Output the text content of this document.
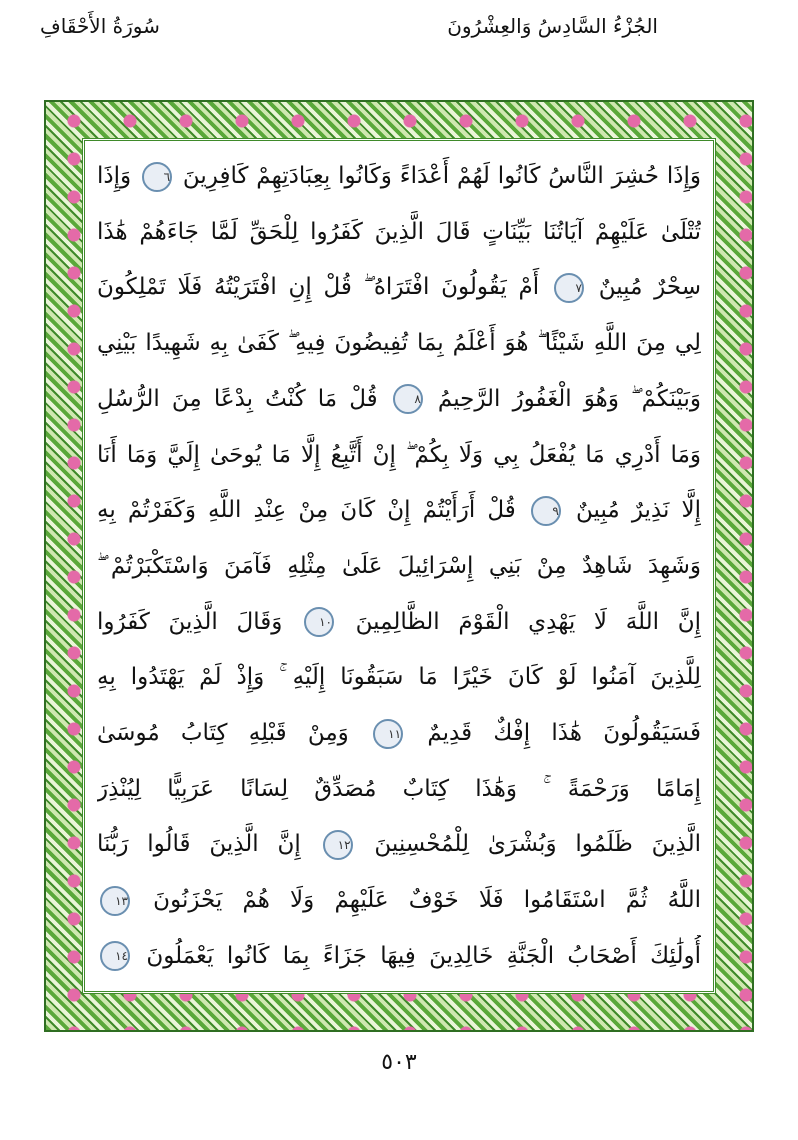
سُورَةُ الأَحْقَافِ	الجُزْءُ السَّادِسُ وَالعِشْرُونَ
وَإِذَا حُشِرَ النَّاسُ كَانُوا لَهُمْ أَعْدَاءً وَكَانُوا بِعِبَادَتِهِمْ كَافِرِينَ ٦ وَإِذَا
تُتْلَىٰ عَلَيْهِمْ آيَاتُنَا بَيِّنَاتٍ قَالَ الَّذِينَ كَفَرُوا لِلْحَقِّ لَمَّا جَاءَهُمْ هَٰذَا
سِحْرٌ مُبِينٌ ٧ أَمْ يَقُولُونَ افْتَرَاهُ ۖ قُلْ إِنِ افْتَرَيْتُهُ فَلَا تَمْلِكُونَ
لِي مِنَ اللَّهِ شَيْئًا ۖ هُوَ أَعْلَمُ بِمَا تُفِيضُونَ فِيهِ ۖ كَفَىٰ بِهِ شَهِيدًا بَيْنِي
وَبَيْنَكُمْ ۖ وَهُوَ الْغَفُورُ الرَّحِيمُ ٨ قُلْ مَا كُنْتُ بِدْعًا مِنَ الرُّسُلِ
وَمَا أَدْرِي مَا يُفْعَلُ بِي وَلَا بِكُمْ ۖ إِنْ أَتَّبِعُ إِلَّا مَا يُوحَىٰ إِلَيَّ وَمَا أَنَا
إِلَّا نَذِيرٌ مُبِينٌ ٩ قُلْ أَرَأَيْتُمْ إِنْ كَانَ مِنْ عِنْدِ اللَّهِ وَكَفَرْتُمْ بِهِ
وَشَهِدَ شَاهِدٌ مِنْ بَنِي إِسْرَائِيلَ عَلَىٰ مِثْلِهِ فَآمَنَ وَاسْتَكْبَرْتُمْ ۖ
إِنَّ اللَّهَ لَا يَهْدِي الْقَوْمَ الظَّالِمِينَ ١٠ وَقَالَ الَّذِينَ كَفَرُوا
لِلَّذِينَ آمَنُوا لَوْ كَانَ خَيْرًا مَا سَبَقُونَا إِلَيْهِ ۚ وَإِذْ لَمْ يَهْتَدُوا بِهِ
فَسَيَقُولُونَ هَٰذَا إِفْكٌ قَدِيمٌ ١١ وَمِنْ قَبْلِهِ كِتَابُ مُوسَىٰ
إِمَامًا وَرَحْمَةً ۚ وَهَٰذَا كِتَابٌ مُصَدِّقٌ لِسَانًا عَرَبِيًّا لِيُنْذِرَ
الَّذِينَ ظَلَمُوا وَبُشْرَىٰ لِلْمُحْسِنِينَ ١٢ إِنَّ الَّذِينَ قَالُوا رَبُّنَا
اللَّهُ ثُمَّ اسْتَقَامُوا فَلَا خَوْفٌ عَلَيْهِمْ وَلَا هُمْ يَحْزَنُونَ ١٣
أُولَٰئِكَ أَصْحَابُ الْجَنَّةِ خَالِدِينَ فِيهَا جَزَاءً بِمَا كَانُوا يَعْمَلُونَ ١٤
٥٠٣
